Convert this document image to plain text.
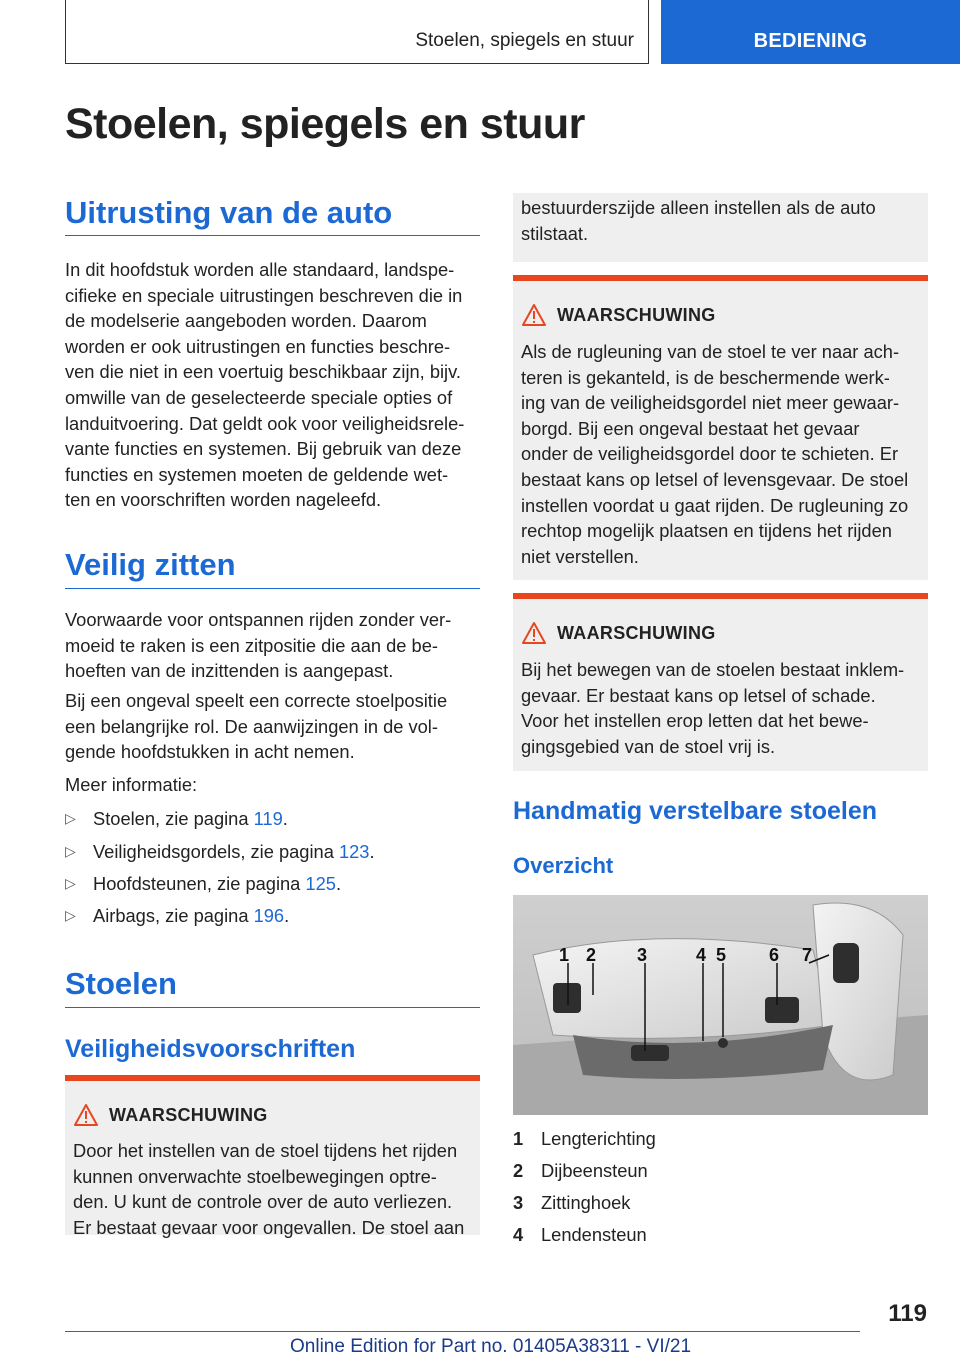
Stoelen, spiegels en stuur	BEDIENING
Stoelen, spiegels en stuur
Uitrusting van de auto

In dit hoofdstuk worden alle standaard, landspe-
cifieke en speciale uitrustingen beschreven die in
de modelserie aangeboden worden. Daarom
worden er ook uitrustingen en functies beschre-
ven die niet in een voertuig beschikbaar zijn, bijv.
omwille van de geselecteerde speciale opties of
landuitvoering. Dat geldt ook voor veiligheidsrele-
vante functies en systemen. Bij gebruik van deze
functies en systemen moeten de geldende wet-
ten en voorschriften worden nageleefd.

Veilig zitten

Voorwaarde voor ontspannen rijden zonder ver-
moeid te raken is een zitpositie die aan de be-
hoeften van de inzittenden is aangepast.

Bij een ongeval speelt een correcte stoelpositie
een belangrijke rol. De aanwijzingen in de vol-
gende hoofdstukken in acht nemen.

Meer informatie:

▷ Stoelen, zie pagina 119.
▷ Veiligheidsgordels, zie pagina 123.
▷ Hoofdsteunen, zie pagina 125.
▷ Airbags, zie pagina 196.
Stoelen
Veiligheidsvoorschriften
WAARSCHUWING
Door het instellen van de stoel tijdens het rijden
kunnen onverwachte stoelbewegingen optre-
den. U kunt de controle over de auto verliezen.
Er bestaat gevaar voor ongevallen. De stoel aan
bestuurderszijde alleen instellen als de auto
stilstaat.
WAARSCHUWING
Als de rugleuning van de stoel te ver naar ach-
teren is gekanteld, is de beschermende werk-
ing van de veiligheidsgordel niet meer gewaar-
borgd. Bij een ongeval bestaat het gevaar
onder de veiligheidsgordel door te schieten. Er
bestaat kans op letsel of levensgevaar. De stoel
instellen voordat u gaat rijden. De rugleuning zo
rechtop mogelijk plaatsen en tijdens het rijden
niet verstellen.
WAARSCHUWING
Bij het bewegen van de stoelen bestaat inklem-
gevaar. Er bestaat kans op letsel of schade.
Voor het instellen erop letten dat het bewe-
gingsgebied van de stoel vrij is.
Handmatig verstelbare stoelen
Overzicht
1 2 3	4 5 6 7
1 Lengterichting
2 Dijbeensteun
3 Zittinghoek
4 Lendensteun
119
Online Edition for Part no. 01405A38311 - VI/21
